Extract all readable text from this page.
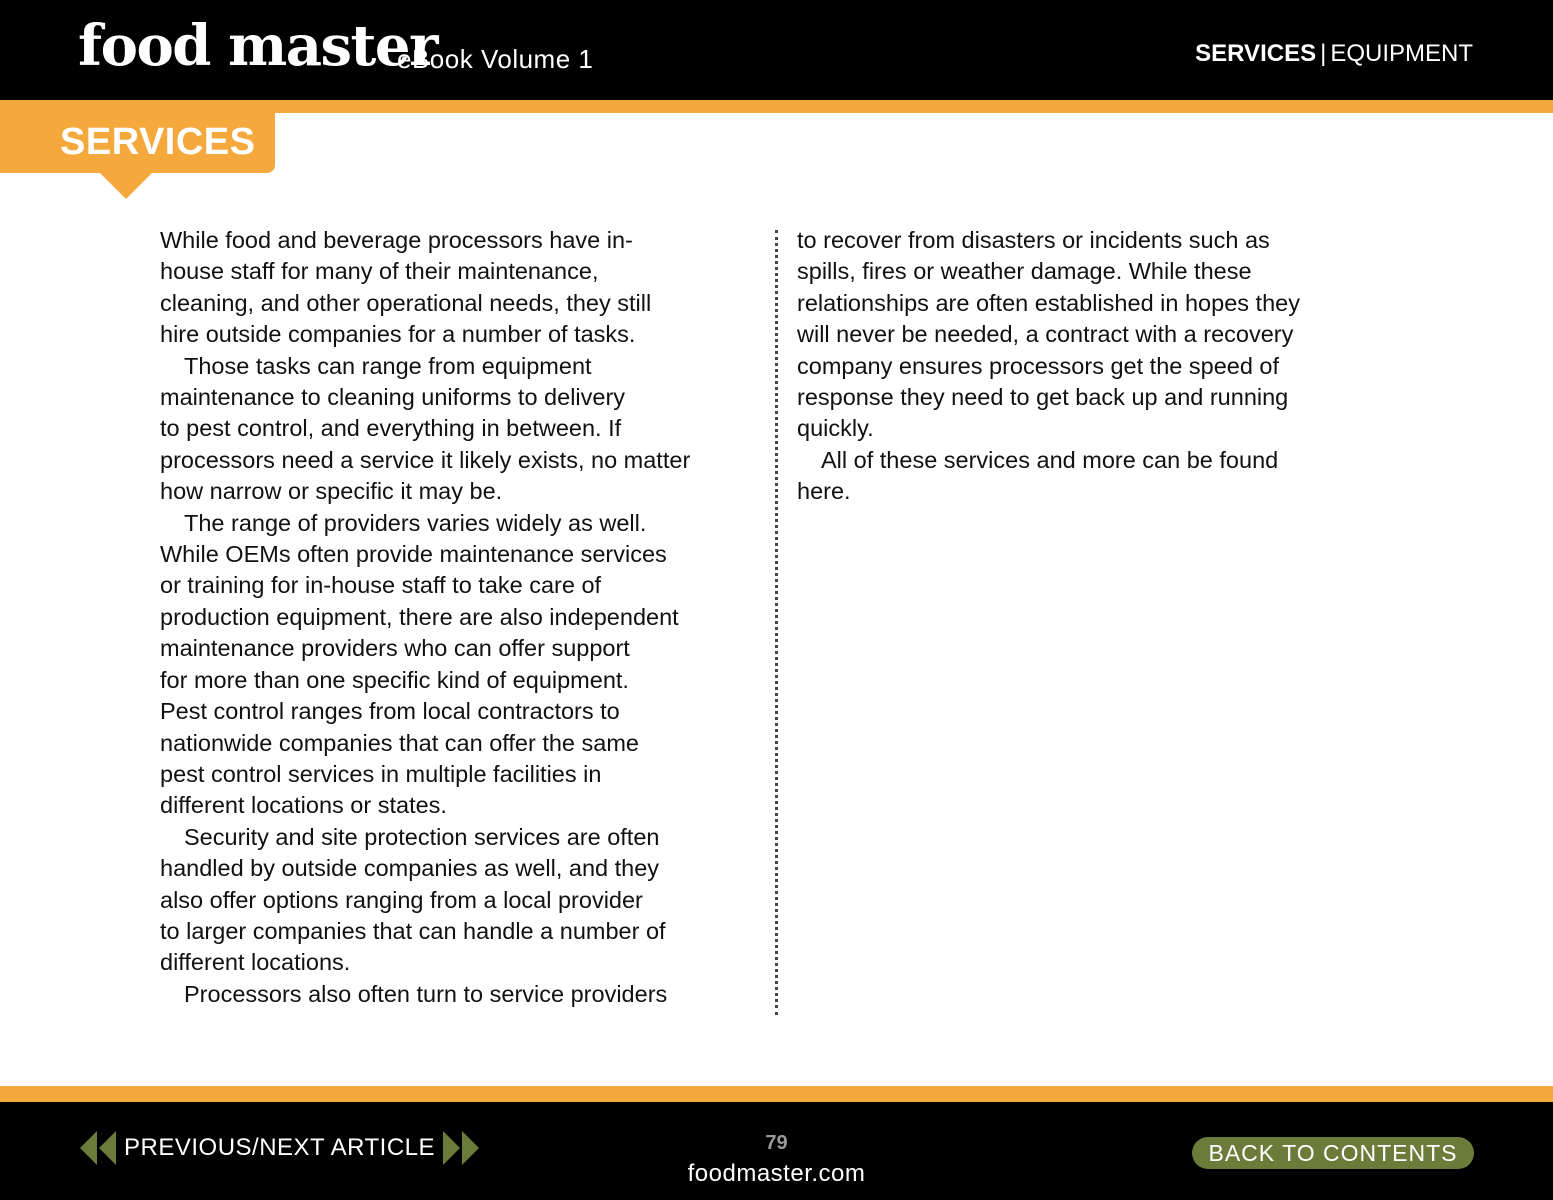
food master
eBook Volume 1	SERVICES | EQUIPMENT
SERVICES

While food and beverage processors have in-

house staff for many of their maintenance,

cleaning, and other operational needs, they still

hire outside companies for a number of tasks.

Those tasks can range from equipment

maintenance to cleaning uniforms to delivery

to pest control, and everything in between. If

processors need a service it likely exists, no matter

how narrow or specific it may be.

The range of providers varies widely as well.

While OEMs often provide maintenance services

or training for in-house staff to take care of

production equipment, there are also independent

maintenance providers who can offer support

for more than one specific kind of equipment.

Pest control ranges from local contractors to

nationwide companies that can offer the same

pest control services in multiple facilities in

different locations or states.

Security and site protection services are often

handled by outside companies as well, and they

also offer options ranging from a local provider

to larger companies that can handle a number of

different locations.

Processors also often turn to service providers

to recover from disasters or incidents such as

spills, fires or weather damage. While these

relationships are often established in hopes they

will never be needed, a contract with a recovery

company ensures processors get the speed of

response they need to get back up and running

quickly.

All of these services and more can be found

here.

PREVIOUS/NEXT ARTICLE	79
foodmaster.com
BACK TO CONTENTS
